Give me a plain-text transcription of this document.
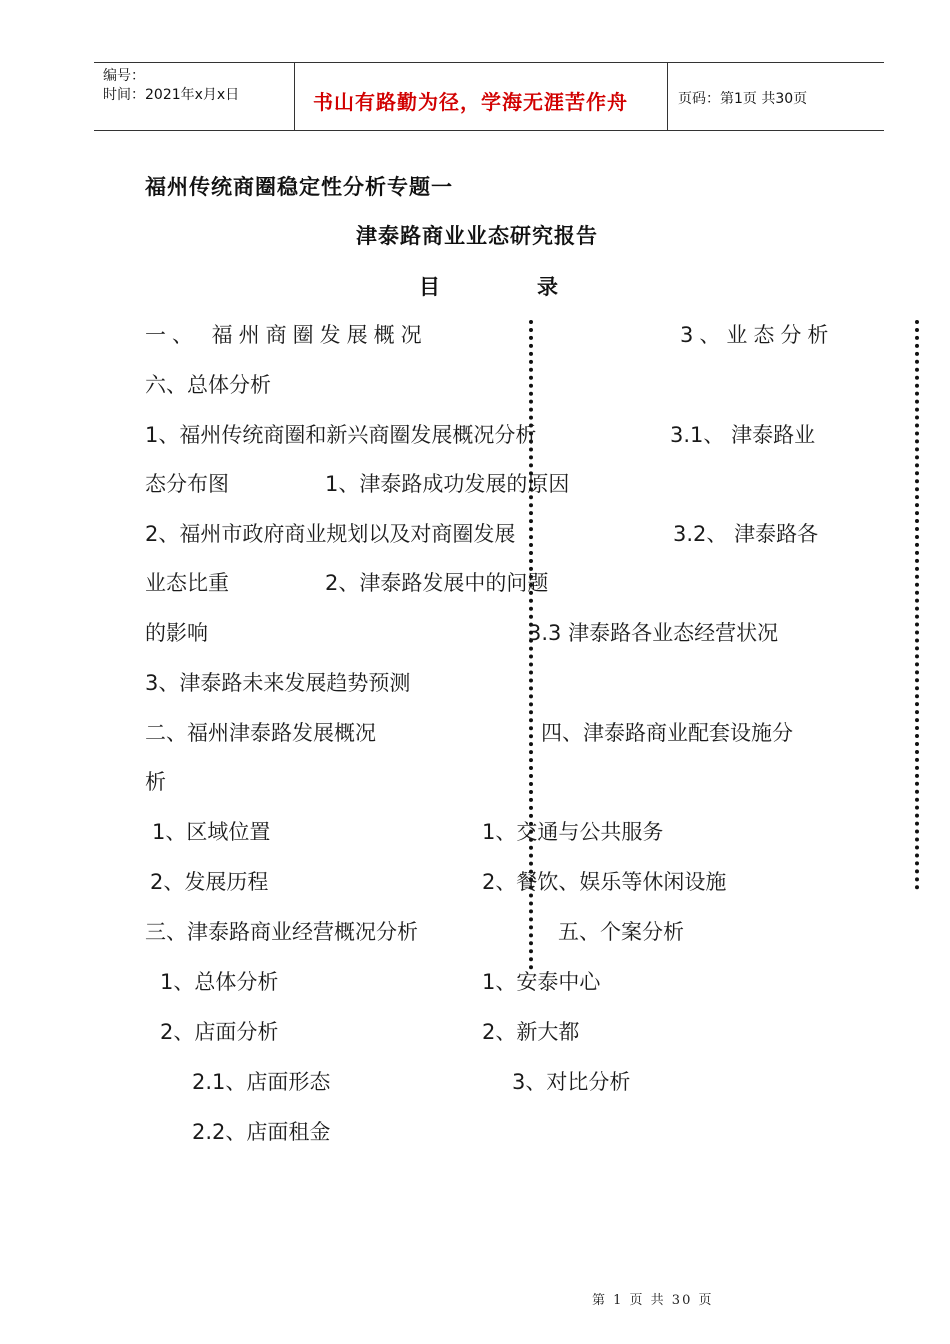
编号：
时间：2021年x月x日	书山有路勤为径，学海无涯苦作舟	页码：第1页 共30页
福州传统商圈稳定性分析专题一
津泰路商业业态研究报告
目	录
一、 福州商圈发展概况	3、业态分析
六、总体分析
1、福州传统商圈和新兴商圈发展概况分析	3.1、 津泰路业
态分布图	1、津泰路成功发展的原因
2、福州市政府商业规划以及对商圈发展	3.2、 津泰路各
业态比重	2、津泰路发展中的问题
的影响	3.3 津泰路各业态经营状况
3、津泰路未来发展趋势预测
二、福州津泰路发展概况	四、津泰路商业配套设施分
析
1、区域位置	1、交通与公共服务
2、发展历程	2、餐饮、娱乐等休闲设施
三、津泰路商业经营概况分析	五、个案分析
1、总体分析	1、安泰中心
2、店面分析	2、新大都
2.1、店面形态	3、对比分析
2.2、店面租金
第 1 页 共 30 页
